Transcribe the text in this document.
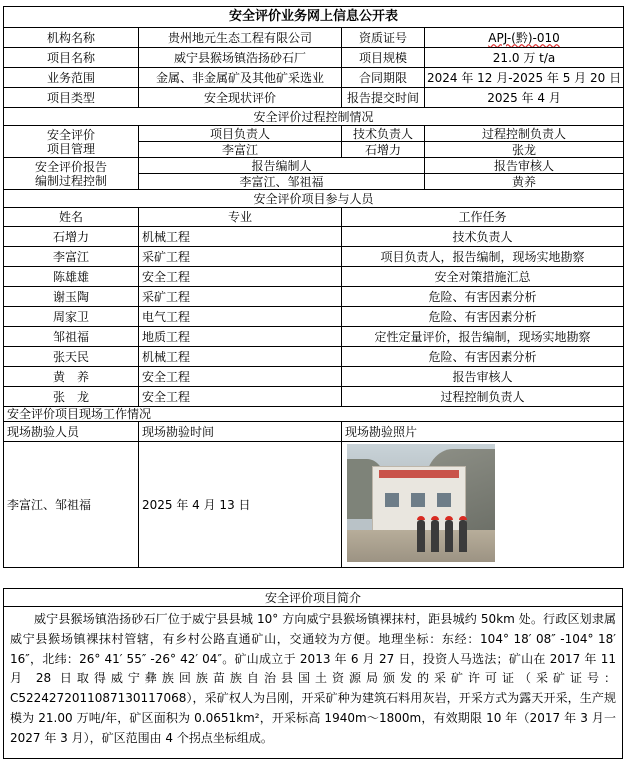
安全评价业务网上信息公开表			
机构名称	贵州地元生态工程有限公司	资质证号	APJ-(黔)-010
项目名称	威宁县猴场镇浩扬砂石厂	项目规模	21.0 万 t/a
业务范围	金属、非金属矿及其他矿采选业	合同期限	2024 年 12 月-2025 年 5 月 20 日
项目类型	安全现状评价	报告提交时间	2025 年 4 月
安全评价过程控制情况			

安全评价
项目管理	项目负责人	技术负责人	过程控制负责人
	李富江	石增力	张龙

安全评价报告
编制过程控制	报告编制人		报告审核人
	李富江、邹祖福		黄养
安全评价项目参与人员			
姓名	专业	工作任务	
石增力	机械工程	技术负责人	
李富江	采矿工程	项目负责人，报告编制，现场实地勘察	
陈雄雄	安全工程	安全对策措施汇总	
谢玉陶	采矿工程	危险、有害因素分析	
周家卫	电气工程	危险、有害因素分析	
邹祖福	地质工程	定性定量评价，报告编制，现场实地勘察	
张天民	机械工程	危险、有害因素分析	
黄　养	安全工程	报告审核人	
张　龙	安全工程	过程控制负责人	
安全评价项目现场工作情况			
现场勘验人员	现场勘验时间	现场勘验照片	
李富江、邹祖福	2025 年 4 月 13 日		
安全评价项目简介
威宁县猴场镇浩扬砂石厂位于威宁县县城 10° 方向威宁县猴场镇裸抹村，距县城约 50km 处。行政区划隶属威宁县猴场镇裸抹村管辖，有乡村公路直通矿山，交通较为方便。地理坐标：东经：104° 18′ 08″ -104° 18′ 16″，北纬：26° 41′ 55″ -26° 42′ 04″。矿山成立于 2013 年 6 月 27 日，投资人马选法；矿山在 2017 年 11 月 28 日取得威宁彝族回族苗族自治县国土资源局颁发的采矿许可证（采矿证号：C5224272011087130117068），采矿权人为吕刚，开采矿种为建筑石料用灰岩，开采方式为露天开采，生产规模为 21.00 万吨/年，矿区面积为 0.0651km²，开采标高 1940m～1800m，有效期限 10 年（2017 年 3 月一2027 年 3 月），矿区范围由 4 个拐点坐标组成。
